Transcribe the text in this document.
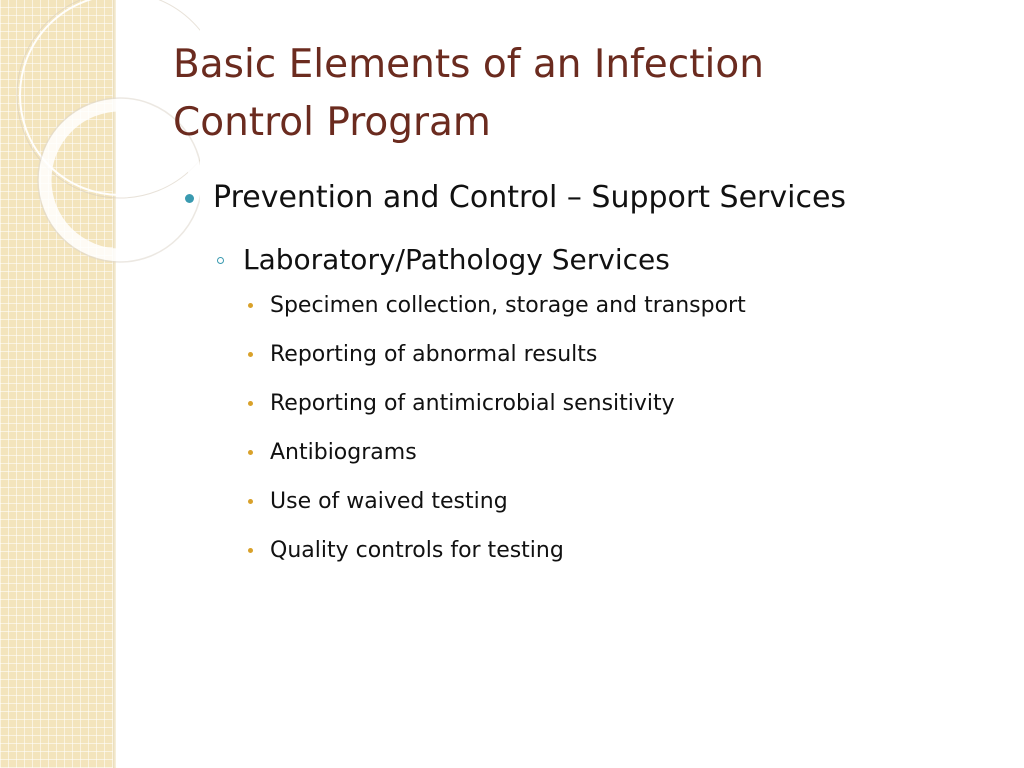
Basic Elements of an Infection
Control Program
Prevention and Control – Support Services
Laboratory/Pathology Services
Specimen collection, storage and transport
Reporting of abnormal results
Reporting of antimicrobial sensitivity
Antibiograms
Use of waived testing
Quality controls for testing
